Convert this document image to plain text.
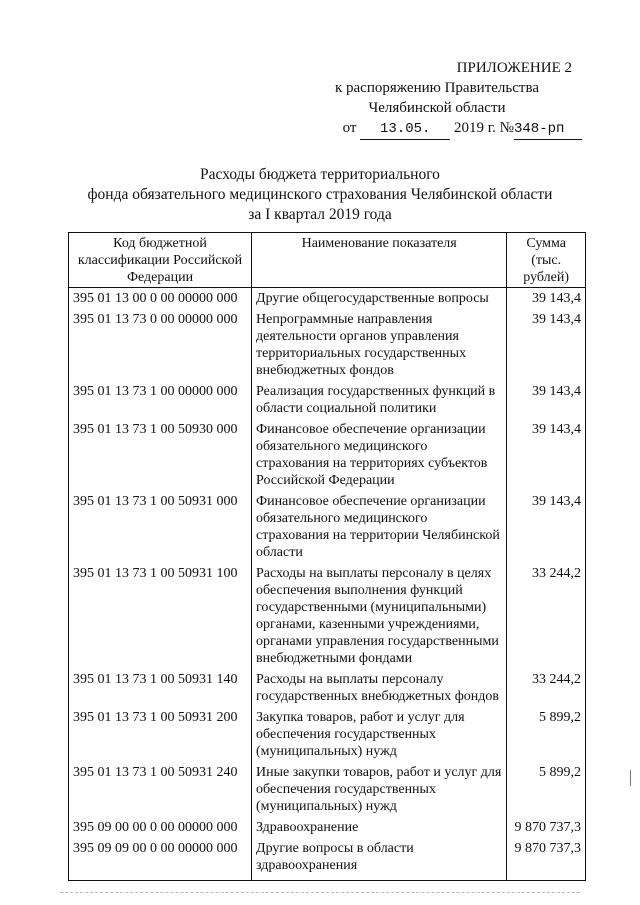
ПРИЛОЖЕНИЕ 2
к распоряжению Правительства
Челябинской области
от 13.05. 2019 г. №348-рп
Расходы бюджета территориального
фонда обязательного медицинского страхования Челябинской области
за I квартал 2019 года
Код бюджетной классификации Российской Федерации	Наименование показателя	Сумма (тыс. рублей)
395 01 13 00 0 00 00000 000	Другие общегосударственные вопросы	39 143,4
395 01 13 73 0 00 00000 000	Непрограммные направления деятельности органов управления территориальных государственных внебюджетных фондов	39 143,4
395 01 13 73 1 00 00000 000	Реализация государственных функций в области социальной политики	39 143,4
395 01 13 73 1 00 50930 000	Финансовое обеспечение организации обязательного медицинского страхования на территориях субъектов Российской Федерации	39 143,4
395 01 13 73 1 00 50931 000	Финансовое обеспечение организации обязательного медицинского страхования на территории Челябинской области	39 143,4
395 01 13 73 1 00 50931 100	Расходы на выплаты персоналу в целях обеспечения выполнения функций государственными (муниципальными) органами, казенными учреждениями, органами управления государственными внебюджетными фондами	33 244,2
395 01 13 73 1 00 50931 140	Расходы на выплаты персоналу государственных внебюджетных фондов	33 244,2
395 01 13 73 1 00 50931 200	Закупка товаров, работ и услуг для обеспечения государственных (муниципальных) нужд	5 899,2
395 01 13 73 1 00 50931 240	Иные закупки товаров, работ и услуг для обеспечения государственных (муниципальных) нужд	5 899,2
395 09 00 00 0 00 00000 000	Здравоохранение	9 870 737,3
395 09 09 00 0 00 00000 000	Другие вопросы в области здравоохранения	9 870 737,3
